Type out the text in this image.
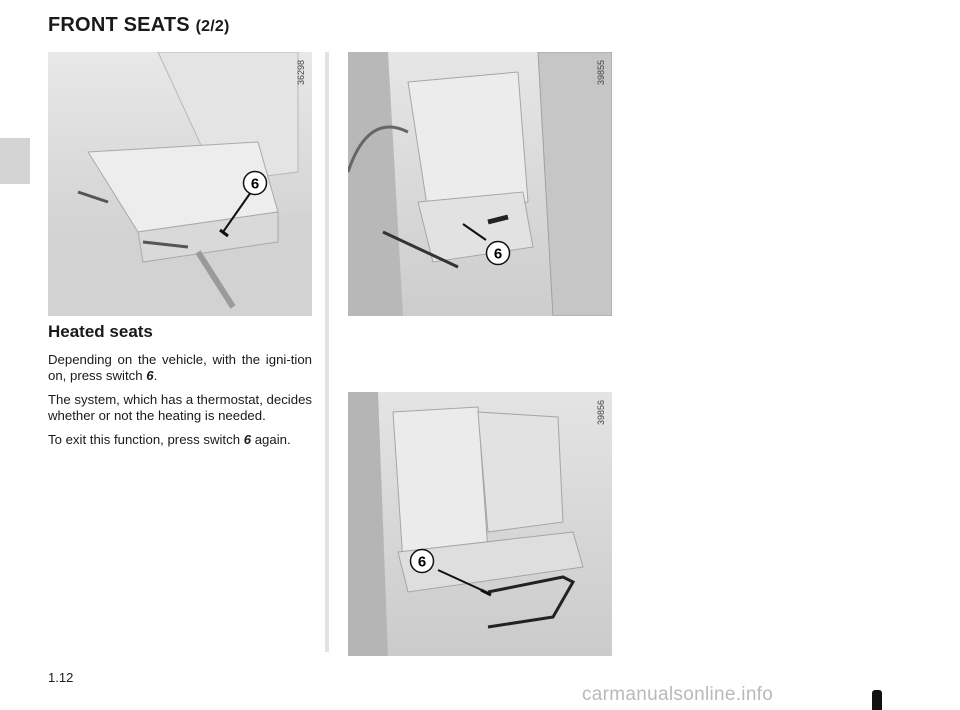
FRONT SEATS (2/2)
36298
6
39855
6
39856
6
Heated seats

Depending on the vehicle, with the igni-tion on, press switch 6.

The system, which has a thermostat, decides whether or not the heating is needed.

To exit this function, press switch 6 again.

1.12
carmanualsonline.info
